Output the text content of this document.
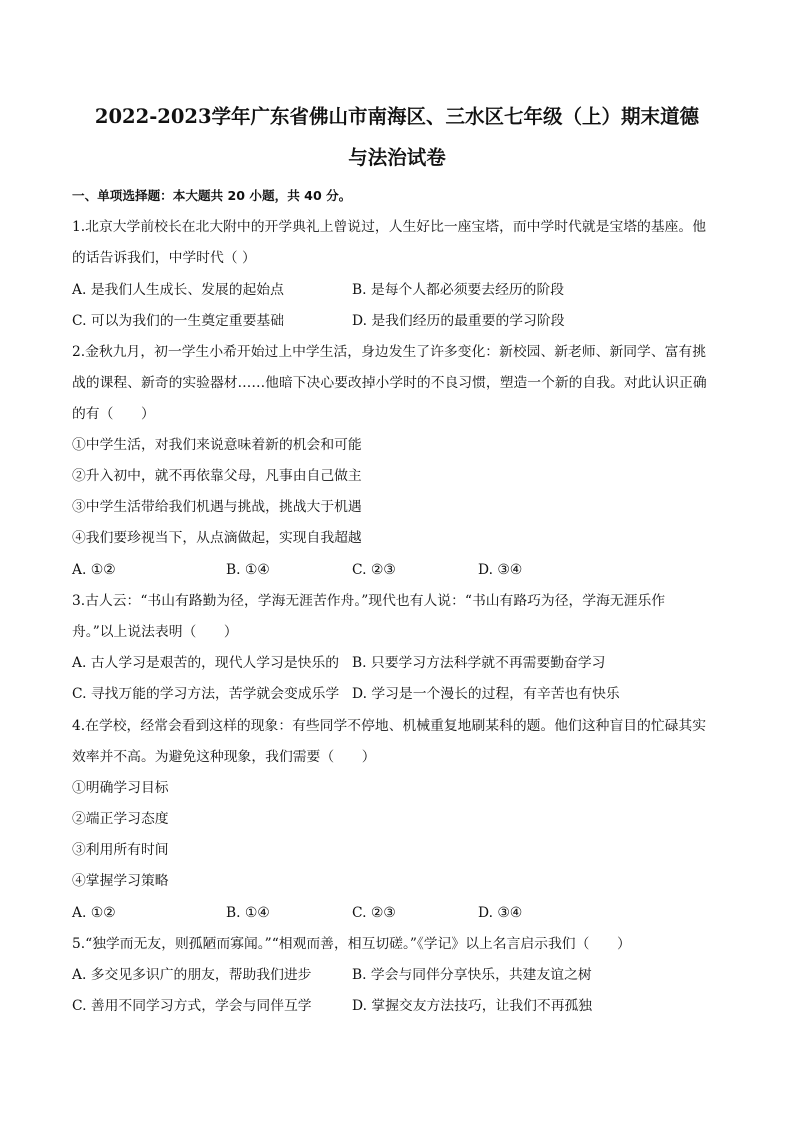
2022-2023学年广东省佛山市南海区、三水区七年级（上）期末道德
与法治试卷
一、单项选择题：本大题共 20 小题，共 40 分。
1.北京大学前校长在北大附中的开学典礼上曾说过，人生好比一座宝塔，而中学时代就是宝塔的基座。他
的话告诉我们，中学时代（ ）
A. 是我们人生成长、发展的起始点	B. 是每个人都必须要去经历的阶段
C. 可以为我们的一生奠定重要基础	D. 是我们经历的最重要的学习阶段
2.金秋九月，初一学生小希开始过上中学生活，身边发生了许多变化：新校园、新老师、新同学、富有挑
战的课程、新奇的实验器材……他暗下决心要改掉小学时的不良习惯，塑造一个新的自我。对此认识正确
的有（　　）
①中学生活，对我们来说意味着新的机会和可能
②升入初中，就不再依靠父母，凡事由自己做主
③中学生活带给我们机遇与挑战，挑战大于机遇
④我们要珍视当下，从点滴做起，实现自我超越
A. ①②	B. ①④	C. ②③	D. ③④
3.古人云：“书山有路勤为径，学海无涯苦作舟。”现代也有人说：“书山有路巧为径，学海无涯乐作
舟。”以上说法表明（　　）
A. 古人学习是艰苦的，现代人学习是快乐的 B. 只要学习方法科学就不再需要勤奋学习
C. 寻找万能的学习方法，苦学就会变成乐学 D. 学习是一个漫长的过程，有辛苦也有快乐
4.在学校，经常会看到这样的现象：有些同学不停地、机械重复地刷某科的题。他们这种盲目的忙碌其实
效率并不高。为避免这种现象，我们需要（　　）
①明确学习目标
②端正学习态度
③利用所有时间
④掌握学习策略
A. ①②	B. ①④	C. ②③	D. ③④
5.“独学而无友，则孤陋而寡闻。”“相观而善，相互切磋。”《学记》以上名言启示我们（　　）
A. 多交见多识广的朋友，帮助我们进步	B. 学会与同伴分享快乐，共建友谊之树
C. 善用不同学习方式，学会与同伴互学	D. 掌握交友方法技巧，让我们不再孤独
